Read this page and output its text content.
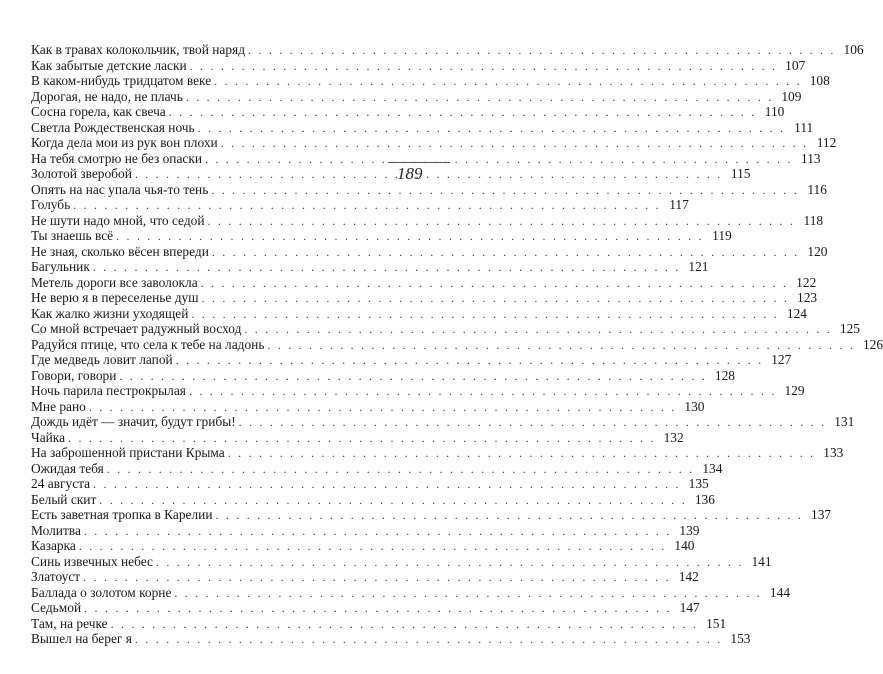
Как в травах колокольчик, твой наряд . . .	106
Как забытые детские ласки . . .	107
В каком-нибудь тридцатом веке . . .	108
Дорогая, не надо, не плачь . . .	109
Сосна горела, как свеча . . .	110
Светла Рождественская ночь . . .	111
Когда дела мои из рук вон плохи . . .	112
На тебя смотрю не без опаски . . .	113
Золотой зверобой . . .	115
Опять на нас упала чья-то тень . . .	116
Голубь . . .	117
Не шути надо мной, что седой . . .	118
Ты знаешь всё . . .	119
Не зная, сколько вёсен впереди . . .	120
Багульник . . .	121
Метель дороги все заволокла . . .	122
Не верю я в переселенье душ . . .	123
Как жалко жизни уходящей . . .	124
Со мной встречает радужный восход . . .	125
Радуйся птице, что села к тебе на ладонь . . .	126
Где медведь ловит лапой . . .	127
Говори, говори . . .	128
Ночь парила пестрокрылая . . .	129
Мне рано . . .	130
Дождь идёт — значит, будут грибы! . . .	131
Чайка . . .	132
На заброшенной пристани Крыма . . .	133
Ожидая тебя . . .	134
24 августа . . .	135
Белый скит . . .	136
Есть заветная тропка в Карелии . . .	137
Молитва . . .	139
Казарка . . .	140
Синь извечных небес . . .	141
Златоуст . . .	142
Баллада о золотом корне . . .	144
Седьмой . . .	147
Там, на речке . . .	151
Вышел на берег я . . .	153
189
